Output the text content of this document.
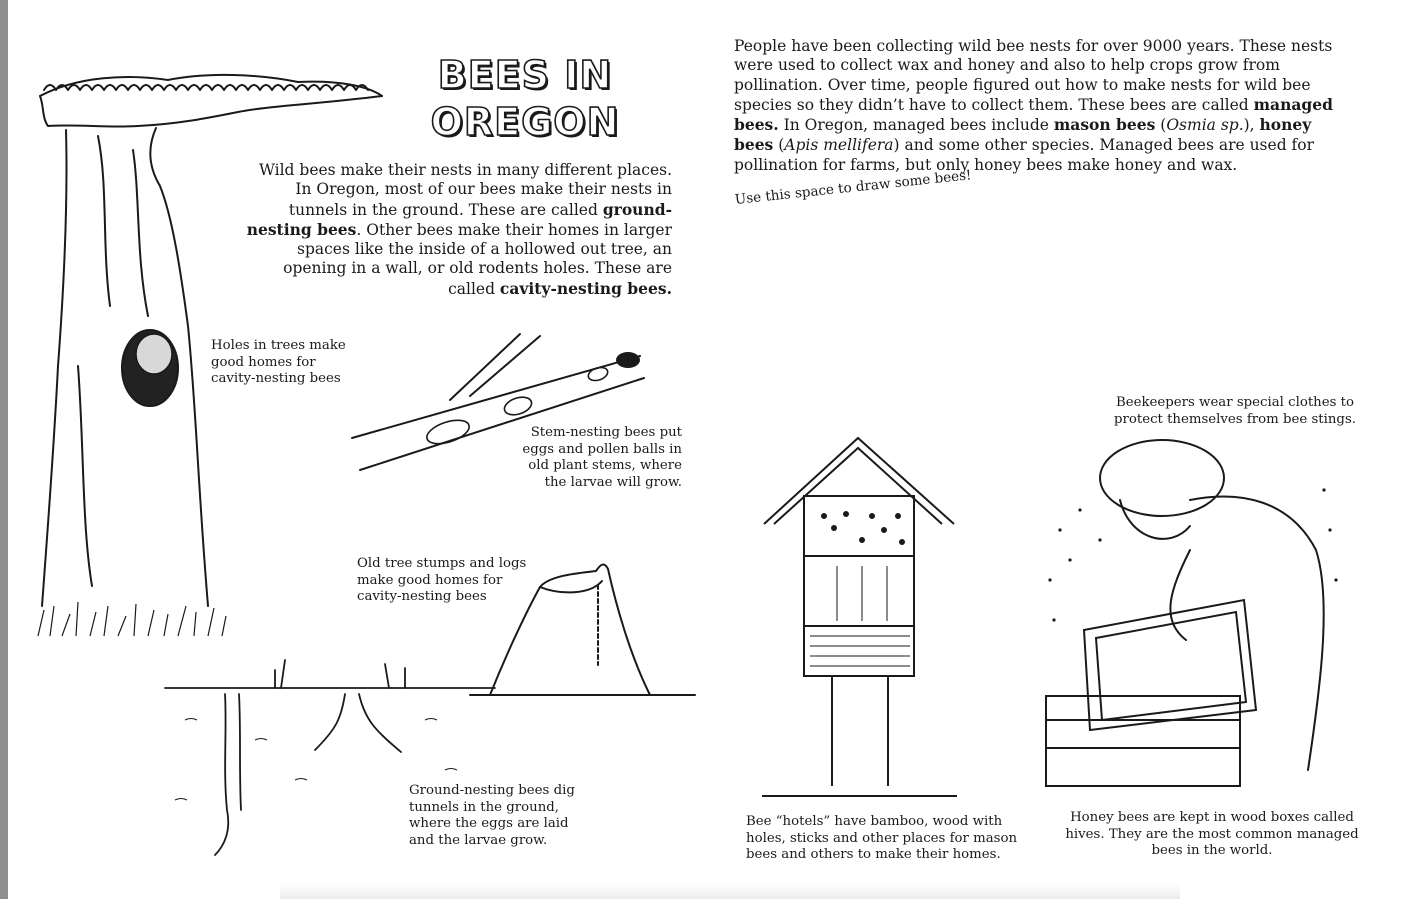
BEES IN
OREGON
Wild bees make their nests in many different places. In Oregon, most of our bees make their nests in tunnels in the ground. These are called ground-nesting bees. Other bees make their homes in larger spaces like the inside of a hollowed out tree, an opening in a wall, or old rodents holes. These are called cavity-nesting bees.
People have been collecting wild bee nests for over 9000 years. These nests were used to collect wax and honey and also to help crops grow from pollination. Over time, people figured out how to make nests for wild bee species so they didn’t have to collect them. These bees are called managed bees. In Oregon, managed bees include mason bees (Osmia sp.), honey bees (Apis mellifera) and some other species. Managed bees are used for pollination for farms, but only honey bees make honey and wax.
Use this space to draw some bees!
Holes in trees make good homes for cavity-nesting bees
Stem-nesting bees put eggs and pollen balls in old plant stems, where the larvae will grow.
Old tree stumps and logs make good homes for cavity-nesting bees
Ground-nesting bees dig tunnels in the ground, where the eggs are laid and the larvae grow.
Beekeepers wear special clothes to protect themselves from bee stings.
Bee “hotels” have bamboo, wood with holes, sticks and other places for mason bees and others to make their homes.
Honey bees are kept in wood boxes called hives. They are the most common managed bees in the world.
